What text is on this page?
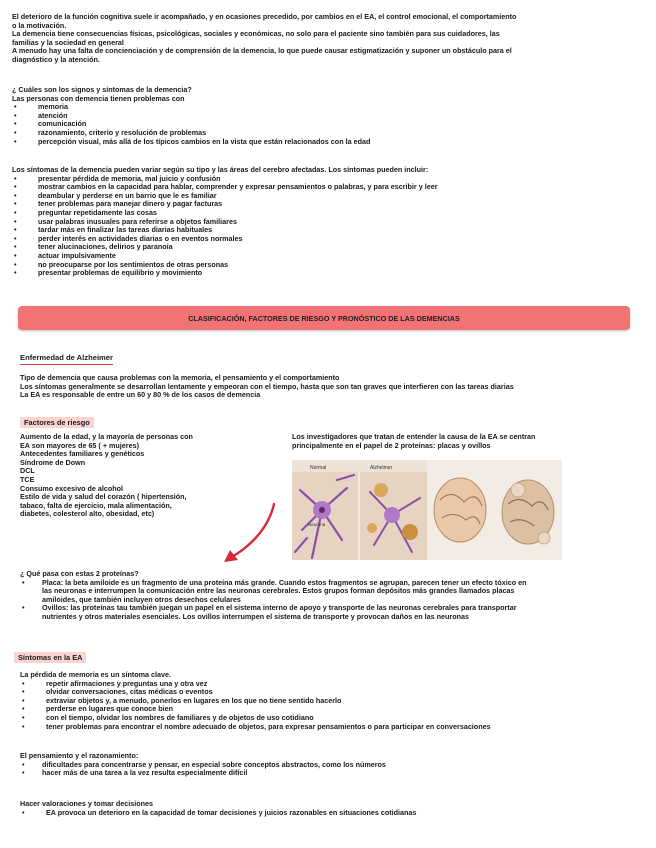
El deterioro de la función cognitiva suele ir acompañado, y en ocasiones precedido, por cambios en el EA, el control emocional, el comportamiento
o la motivación.
La demencia tiene consecuencias físicas, psicológicas, sociales y económicas, no solo para el paciente sino también para sus cuidadores, las
familias y la sociedad en general
A menudo hay una falta de concienciación y de comprensión de la demencia, lo que puede causar estigmatización y suponer un obstáculo para el
diagnóstico y la atención.
¿ Cuáles son los signos y síntomas de la demencia?
Las personas con demencia tienen problemas con
• memoria
• atención
• comunicación
• razonamiento, criterio y resolución de problemas
• percepción visual, más allá de los típicos cambios en la vista que están relacionados con la edad
Los síntomas de la demencia pueden variar según su tipo y las áreas del cerebro afectadas. Los síntomas pueden incluir:
• presentar pérdida de memoria, mal juicio y confusión
• mostrar cambios en la capacidad para hablar, comprender y expresar pensamientos o palabras, y para escribir y leer
• deambular y perderse en un barrio que le es familiar
• tener problemas para manejar dinero y pagar facturas
• preguntar repetidamente las cosas
• usar palabras inusuales para referirse a objetos familiares
• tardar más en finalizar las tareas diarias habituales
• perder interés en actividades diarias o en eventos normales
• tener alucinaciones, delirios y paranoia
• actuar impulsivamente
• no preocuparse por los sentimientos de otras personas
• presentar problemas de equilibrio y movimiento
CLASIFICACIÓN, FACTORES DE RIESGO Y PRONÓSTICO DE LAS DEMENCIAS
Enfermedad de Alzheimer
Tipo de demencia que causa problemas con la memoria, el pensamiento y el comportamiento
Los síntomas generalmente se desarrollan lentamente y empeoran con el tiempo, hasta que son tan graves que interfieren con las tareas diarias
La EA es responsable de entre un 60 y 80 % de los casos de demencia
Factores de riesgo
Aumento de la edad, y la mayoría de personas con
EA son mayores de 65 ( + mujeres)
Antecedentes familiares y genéticos
Síndrome de Down
DCL
TCE
Consumo excesivo de alcohol
Estilo de vida y salud del corazón ( hipertensión,
tabaco, falta de ejercicio, mala alimentación,
diabetes, colesterol alto, obesidad, etc)
Los investigadores que tratan de entender la causa de la EA se centran
principalmente en el papel de 2 proteínas: placas y ovillos
Normal	Alzheimer
Neurona
¿ Qué pasa con estas 2 proteínas?
• Placa: la beta amiloide es un fragmento de una proteína más grande. Cuando estos fragmentos se agrupan, parecen tener un efecto tóxico en
las neuronas e interrumpen la comunicación entre las neuronas cerebrales. Estos grupos forman depósitos más grandes llamados placas
amiloides, que también incluyen otros desechos celulares
• Ovillos: las proteínas tau también juegan un papel en el sistema interno de apoyo y transporte de las neuronas cerebrales para transportar
nutrientes y otros materiales esenciales. Los ovillos interrumpen el sistema de transporte y provocan daños en las neuronas
Síntomas en la EA
La pérdida de memoria es un síntoma clave.
• repetir afirmaciones y preguntas una y otra vez
• olvidar conversaciones, citas médicas o eventos
• extraviar objetos y, a menudo, ponerlos en lugares en los que no tiene sentido hacerlo
• perderse en lugares que conoce bien
• con el tiempo, olvidar los nombres de familiares y de objetos de uso cotidiano
• tener problemas para encontrar el nombre adecuado de objetos, para expresar pensamientos o para participar en conversaciones
El pensamiento y el razonamiento:
• dificultades para concentrarse y pensar, en especial sobre conceptos abstractos, como los números
• hacer más de una tarea a la vez resulta especialmente difícil
Hacer valoraciones y tomar decisiones
• EA provoca un deterioro en la capacidad de tomar decisiones y juicios razonables en situaciones cotidianas
